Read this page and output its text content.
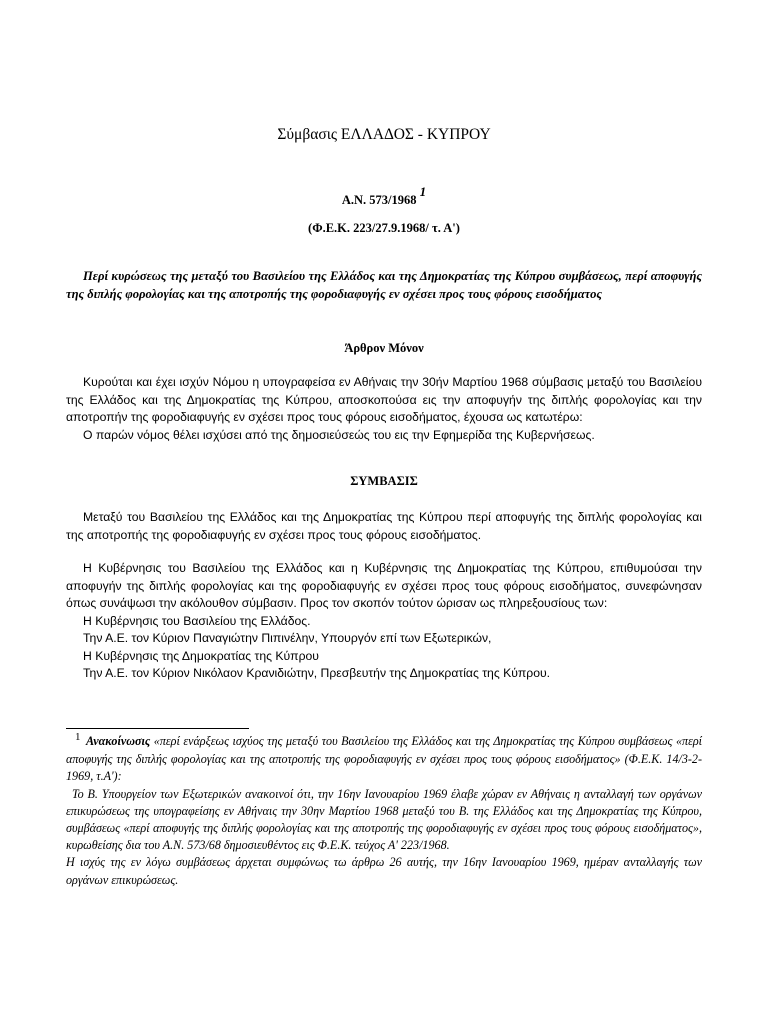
Σύμβασις ΕΛΛΑΔΟΣ - ΚΥΠΡΟΥ
Α.Ν. 573/1968 $^1$
(Φ.Ε.Κ. 223/27.9.1968/ τ. Α')

Περί κυρώσεως της μεταξύ του Βασιλείου της Ελλάδος και της Δημοκρατίας της Κύπρου συμβάσεως, περί αποφυγής της διπλής φορολογίας και της αποτροπής της φοροδιαφυγής εν σχέσει προς τους φόρους εισοδήματος

Άρθρον Μόνον

Κυρούται και έχει ισχύν Νόμου η υπογραφείσα εν Αθήναις την 30ήν Μαρτίου 1968 σύμβασις μεταξύ του Βασιλείου της Ελλάδος και της Δημοκρατίας της Κύπρου, αποσκοπούσα εις την αποφυγήν της διπλής φορολογίας και την αποτροπήν της φοροδιαφυγής εν σχέσει προς τους φόρους εισοδήματος, έχουσα ως κατωτέρω:

Ο παρών νόμος θέλει ισχύσει από της δημοσιεύσεώς του εις την Εφημερίδα της Κυβερνήσεως.

ΣΥΜΒΑΣΙΣ

Μεταξύ του Βασιλείου της Ελλάδος και της Δημοκρατίας της Κύπρου περί αποφυγής της διπλής φορολογίας και της αποτροπής της φοροδιαφυγής εν σχέσει προς τους φόρους εισοδήματος.

Η Κυβέρνησις του Βασιλείου της Ελλάδος και η Κυβέρνησις της Δημοκρατίας της Κύπρου, επιθυμούσαι την αποφυγήν της διπλής φορολογίας και της φοροδιαφυγής εν σχέσει προς τους φόρους εισοδήματος, συνεφώνησαν όπως συνάψωσι την ακόλουθον σύμβασιν. Προς τον σκοπόν τούτον ώρισαν ως πληρεξουσίους των:

Η Κυβέρνησις του Βασιλείου της Ελλάδος.

Την Α.Ε. τον Κύριον Παναγιώτην Πιπινέλην, Υπουργόν επί των Εξωτερικών,

Η Κυβέρνησις της Δημοκρατίας της Κύπρου

Την Α.Ε. τον Κύριον Νικόλαον Κρανιδιώτην, Πρεσβευτήν της Δημοκρατίας της Κύπρου.

1 Ανακοίνωσις «περί ενάρξεως ισχύος της μεταξύ του Βασιλείου της Ελλάδος και της Δημοκρατίας της Κύπρου συμβάσεως «περί αποφυγής της διπλής φορολογίας και της αποτροπής της φοροδιαφυγής εν σχέσει προς τους φόρους εισοδήματος» (Φ.Ε.Κ. 14/3-2-1969, τ.Α'):

Το Β. Υπουργείον των Εξωτερικών ανακοινοί ότι, την 16ην Ιανουαρίου 1969 έλαβε χώραν εν Αθήναις η ανταλλαγή των οργάνων επικυρώσεως της υπογραφείσης εν Αθήναις την 30ην Μαρτίου 1968 μεταξύ του Β. της Ελλάδος και της Δημοκρατίας της Κύπρου, συμβάσεως «περί αποφυγής της διπλής φορολογίας και της αποτροπής της φοροδιαφυγής εν σχέσει προς τους φόρους εισοδήματος», κυρωθείσης δια του Α.Ν. 573/68 δημοσιευθέντος εις Φ.Ε.Κ. τεύχος Α' 223/1968.

Η ισχύς της εν λόγω συμβάσεως άρχεται συμφώνως τω άρθρω 26 αυτής, την 16ην Ιανουαρίου 1969, ημέραν ανταλλαγής των οργάνων επικυρώσεως.
